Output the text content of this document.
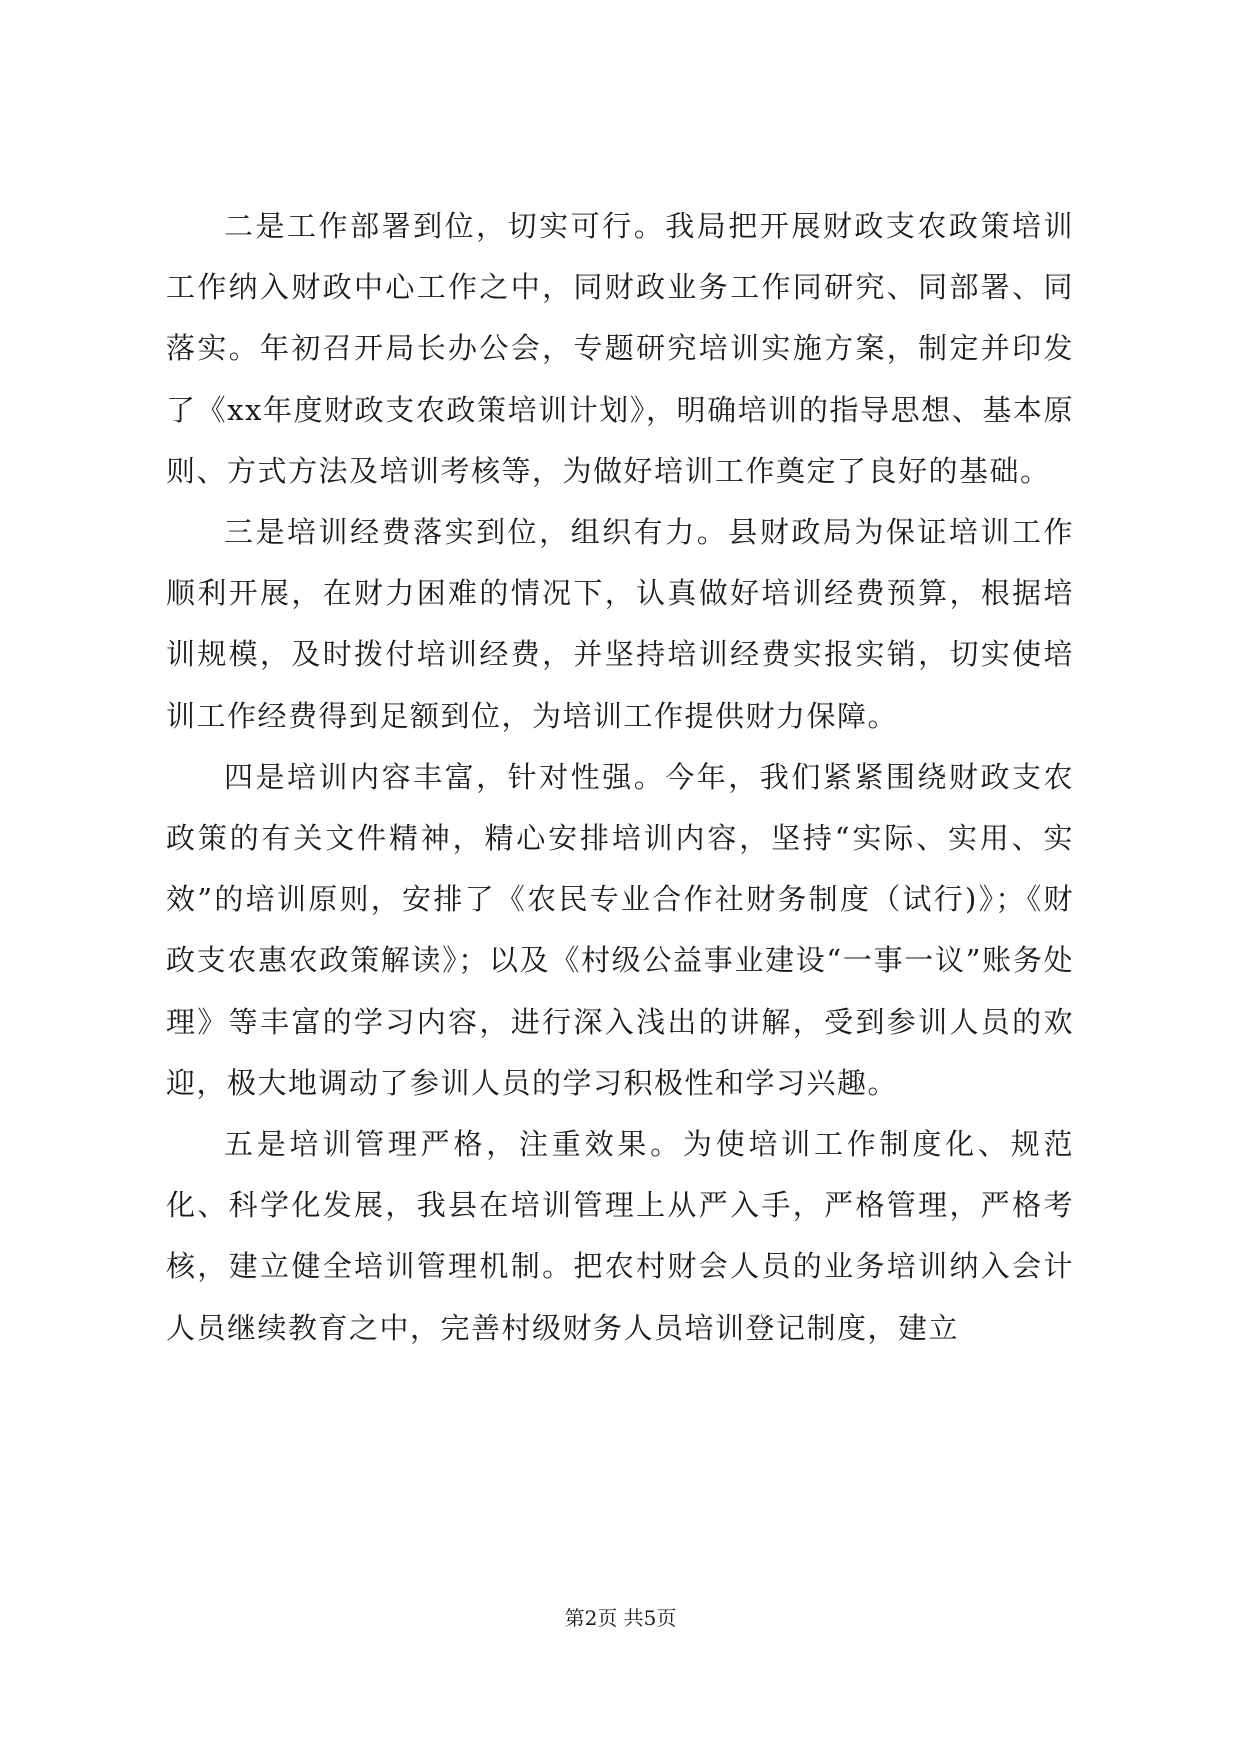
二是工作部署到位，切实可行。我局把开展财政支农政策培训工作纳入财政中心工作之中，同财政业务工作同研究、同部署、同落实。年初召开局长办公会，专题研究培训实施方案，制定并印发了《xx年度财政支农政策培训计划》，明确培训的指导思想、基本原则、方式方法及培训考核等，为做好培训工作奠定了良好的基础。

三是培训经费落实到位，组织有力。县财政局为保证培训工作顺利开展，在财力困难的情况下，认真做好培训经费预算，根据培训规模，及时拨付培训经费，并坚持培训经费实报实销，切实使培训工作经费得到足额到位，为培训工作提供财力保障。

四是培训内容丰富，针对性强。今年，我们紧紧围绕财政支农政策的有关文件精神，精心安排培训内容，坚持“实际、实用、实效”的培训原则，安排了《农民专业合作社财务制度（试行)》；《财政支农惠农政策解读》；以及《村级公益事业建设“一事一议”账务处理》等丰富的学习内容，进行深入浅出的讲解，受到参训人员的欢迎，极大地调动了参训人员的学习积极性和学习兴趣。

五是培训管理严格，注重效果。为使培训工作制度化、规范化、科学化发展，我县在培训管理上从严入手，严格管理，严格考核，建立健全培训管理机制。把农村财会人员的业务培训纳入会计人员继续教育之中，完善村级财务人员培训登记制度，建立

第2页 共5页
